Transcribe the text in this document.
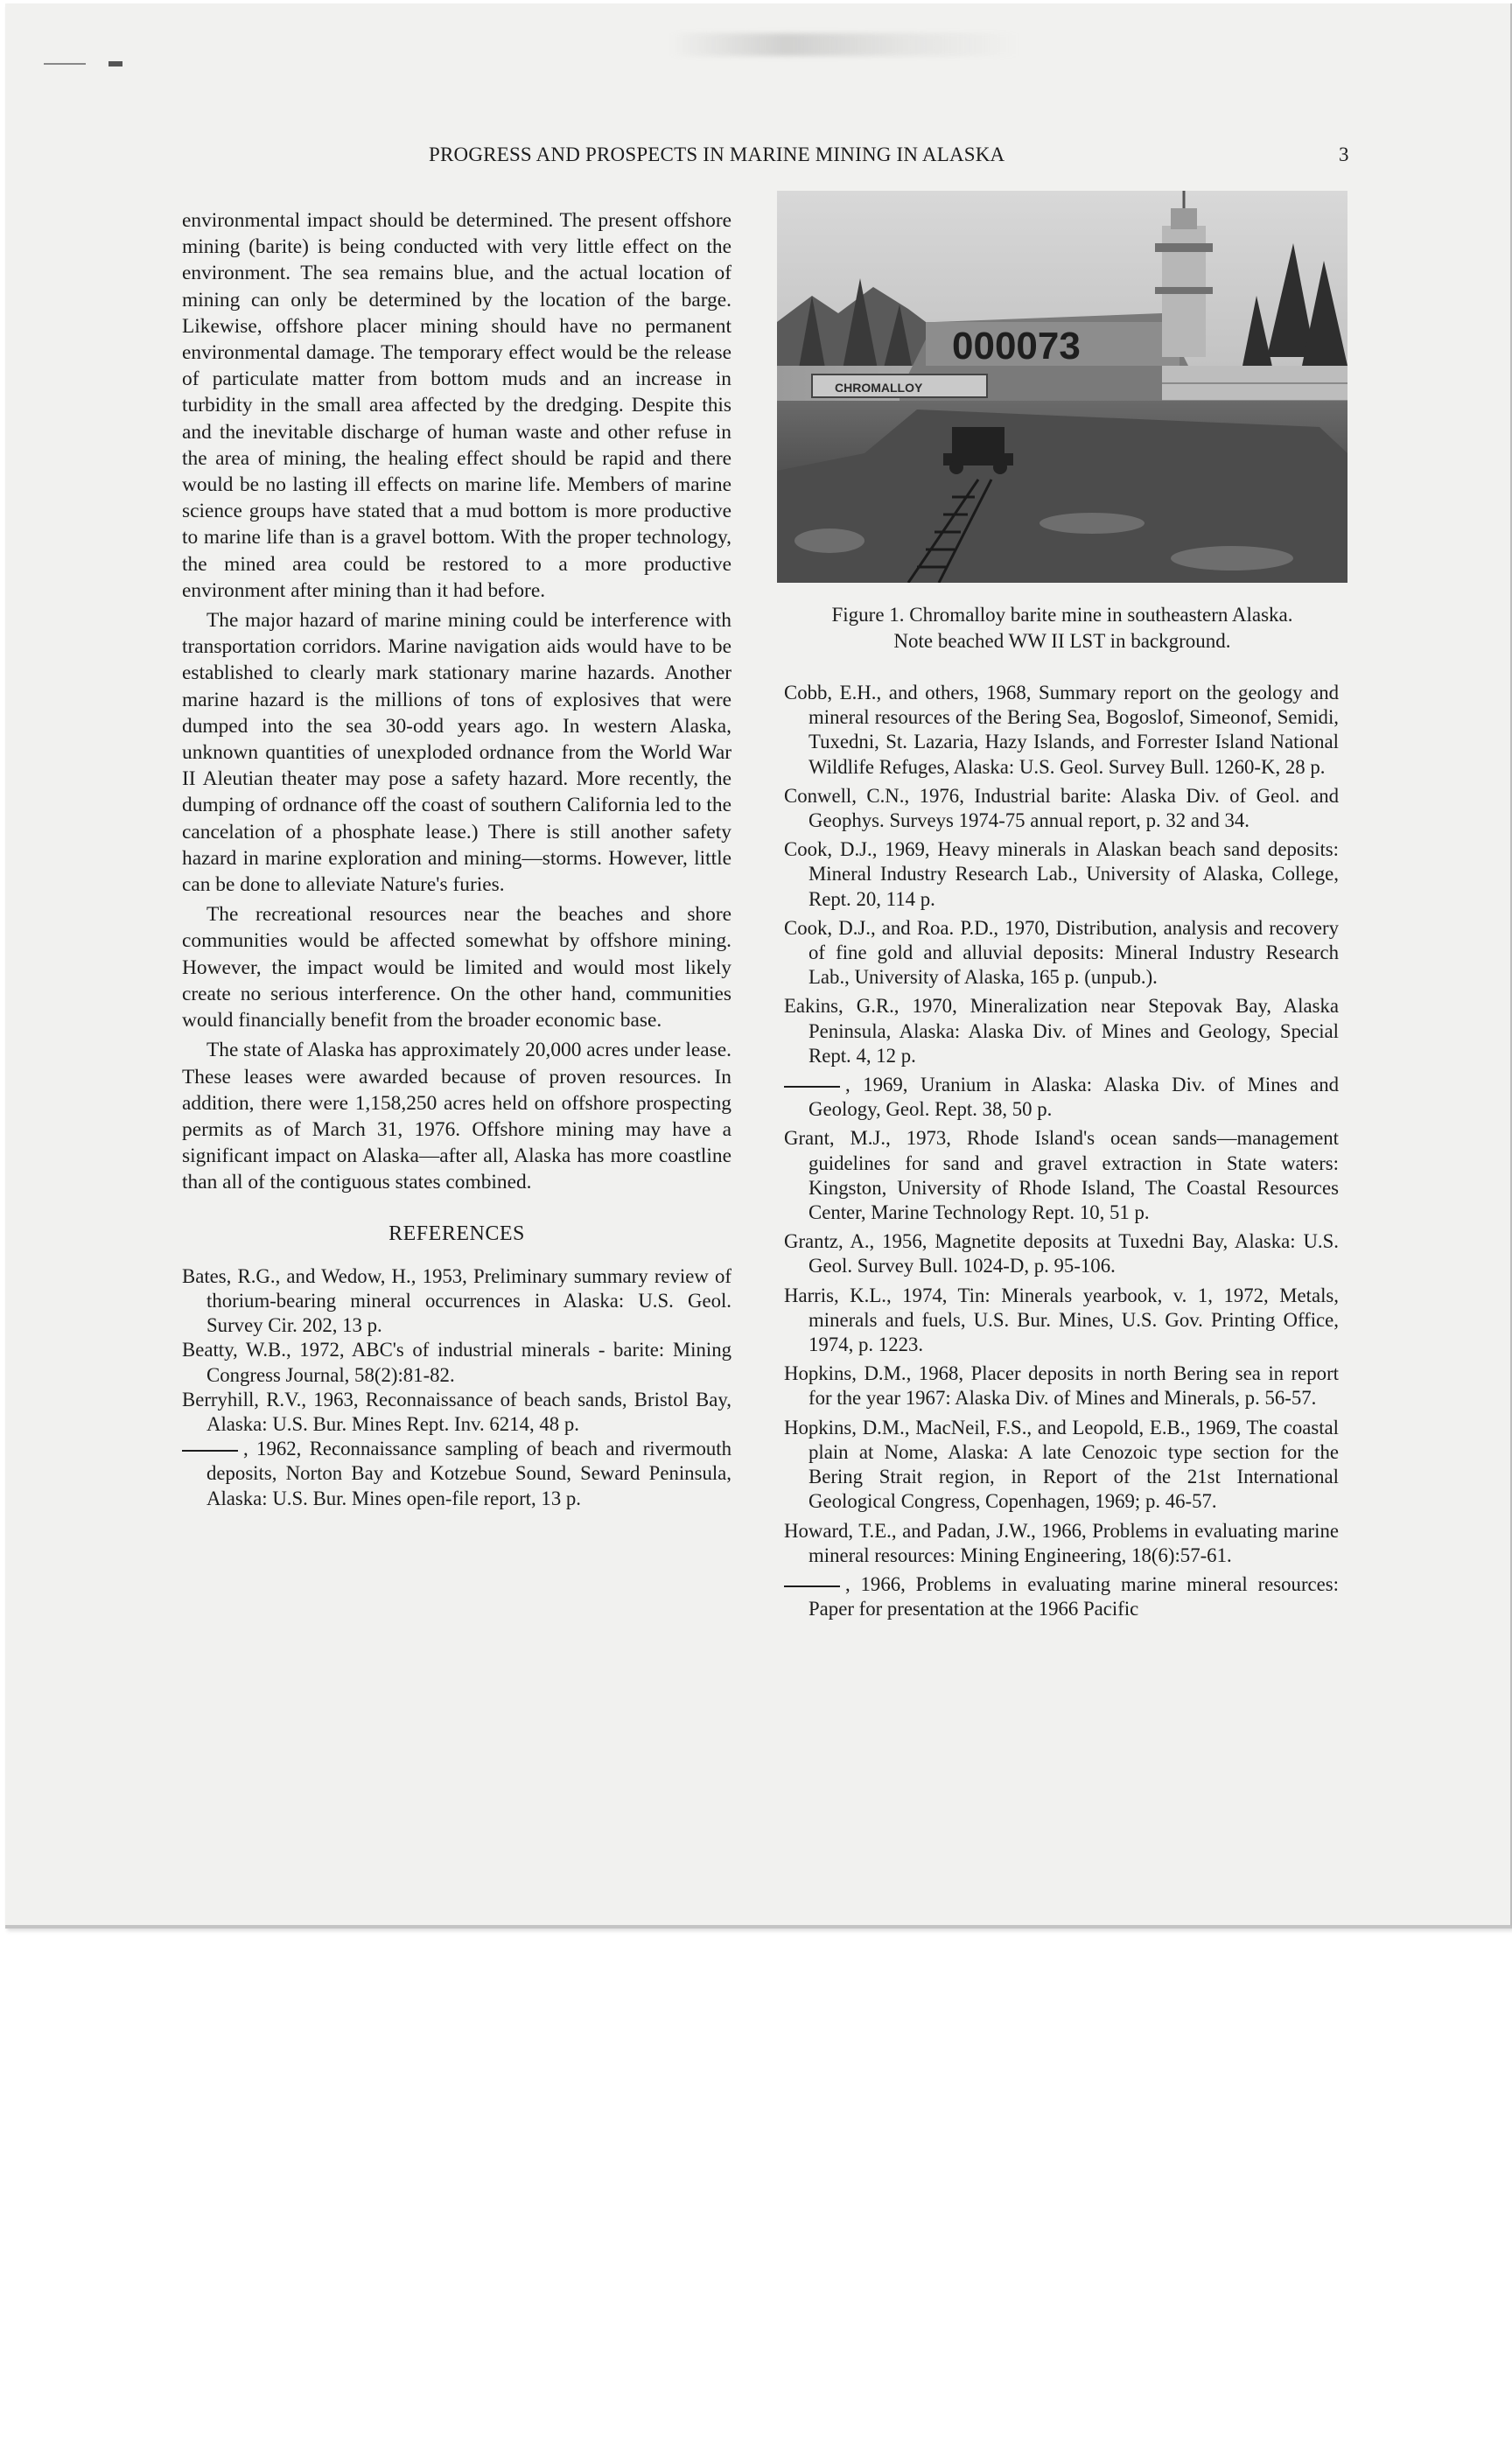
PROGRESS AND PROSPECTS IN MARINE MINING IN ALASKA	3

environmental impact should be determined. The present offshore mining (barite) is being conducted with very little effect on the environment. The sea remains blue, and the actual location of mining can only be determined by the location of the barge. Likewise, offshore placer mining should have no permanent environmental damage. The temporary effect would be the release of particulate matter from bottom muds and an increase in turbidity in the small area affected by the dredging. Despite this and the inevitable discharge of human waste and other refuse in the area of mining, the healing effect should be rapid and there would be no lasting ill effects on marine life. Members of marine science groups have stated that a mud bottom is more productive to marine life than is a gravel bottom. With the proper technology, the mined area could be restored to a more productive environment after mining than it had before.

The major hazard of marine mining could be interference with transportation corridors. Marine navigation aids would have to be established to clearly mark stationary marine hazards. Another marine hazard is the millions of tons of explosives that were dumped into the sea 30-odd years ago. In western Alaska, unknown quantities of unexploded ordnance from the World War II Aleutian theater may pose a safety hazard. More recently, the dumping of ordnance off the coast of southern California led to the cancelation of a phosphate lease.) There is still another safety hazard in marine exploration and mining—storms. However, little can be done to alleviate Nature's furies.

The recreational resources near the beaches and shore communities would be affected somewhat by offshore mining. However, the impact would be limited and would most likely create no serious interference. On the other hand, communities would financially benefit from the broader economic base.

The state of Alaska has approximately 20,000 acres under lease. These leases were awarded because of proven resources. In addition, there were 1,158,250 acres held on offshore prospecting permits as of March 31, 1976. Offshore mining may have a significant impact on Alaska—after all, Alaska has more coastline than all of the contiguous states combined.

REFERENCES

Bates, R.G., and Wedow, H., 1953, Preliminary summary review of thorium-bearing mineral occurrences in Alaska: U.S. Geol. Survey Cir. 202, 13 p.

Beatty, W.B., 1972, ABC's of industrial minerals - barite: Mining Congress Journal, 58(2):81-82.

Berryhill, R.V., 1963, Reconnaissance of beach sands, Bristol Bay, Alaska: U.S. Bur. Mines Rept. Inv. 6214, 48 p.

, 1962, Reconnaissance sampling of beach and rivermouth deposits, Norton Bay and Kotzebue Sound, Seward Peninsula, Alaska: U.S. Bur. Mines open-file report, 13 p.

000073
CHROMALLOY
Figure 1. Chromalloy barite mine in southeastern Alaska.
Note beached WW II LST in background.

Cobb, E.H., and others, 1968, Summary report on the geology and mineral resources of the Bering Sea, Bogoslof, Simeonof, Semidi, Tuxedni, St. Lazaria, Hazy Islands, and Forrester Island National Wildlife Refuges, Alaska: U.S. Geol. Survey Bull. 1260-K, 28 p.

Conwell, C.N., 1976, Industrial barite: Alaska Div. of Geol. and Geophys. Surveys 1974-75 annual report, p. 32 and 34.

Cook, D.J., 1969, Heavy minerals in Alaskan beach sand deposits: Mineral Industry Research Lab., University of Alaska, College, Rept. 20, 114 p.

Cook, D.J., and Roa. P.D., 1970, Distribution, analysis and recovery of fine gold and alluvial deposits: Mineral Industry Research Lab., University of Alaska, 165 p. (unpub.).

Eakins, G.R., 1970, Mineralization near Stepovak Bay, Alaska Peninsula, Alaska: Alaska Div. of Mines and Geology, Special Rept. 4, 12 p.

, 1969, Uranium in Alaska: Alaska Div. of Mines and Geology, Geol. Rept. 38, 50 p.

Grant, M.J., 1973, Rhode Island's ocean sands—management guidelines for sand and gravel extraction in State waters: Kingston, University of Rhode Island, The Coastal Resources Center, Marine Technology Rept. 10, 51 p.

Grantz, A., 1956, Magnetite deposits at Tuxedni Bay, Alaska: U.S. Geol. Survey Bull. 1024-D, p. 95-106.

Harris, K.L., 1974, Tin: Minerals yearbook, v. 1, 1972, Metals, minerals and fuels, U.S. Bur. Mines, U.S. Gov. Printing Office, 1974, p. 1223.

Hopkins, D.M., 1968, Placer deposits in north Bering sea in report for the year 1967: Alaska Div. of Mines and Minerals, p. 56-57.

Hopkins, D.M., MacNeil, F.S., and Leopold, E.B., 1969, The coastal plain at Nome, Alaska: A late Cenozoic type section for the Bering Strait region, in Report of the 21st International Geological Congress, Copenhagen, 1969; p. 46-57.

Howard, T.E., and Padan, J.W., 1966, Problems in evaluating marine mineral resources: Mining Engineering, 18(6):57-61.

, 1966, Problems in evaluating marine mineral resources: Paper for presentation at the 1966 Pacific
